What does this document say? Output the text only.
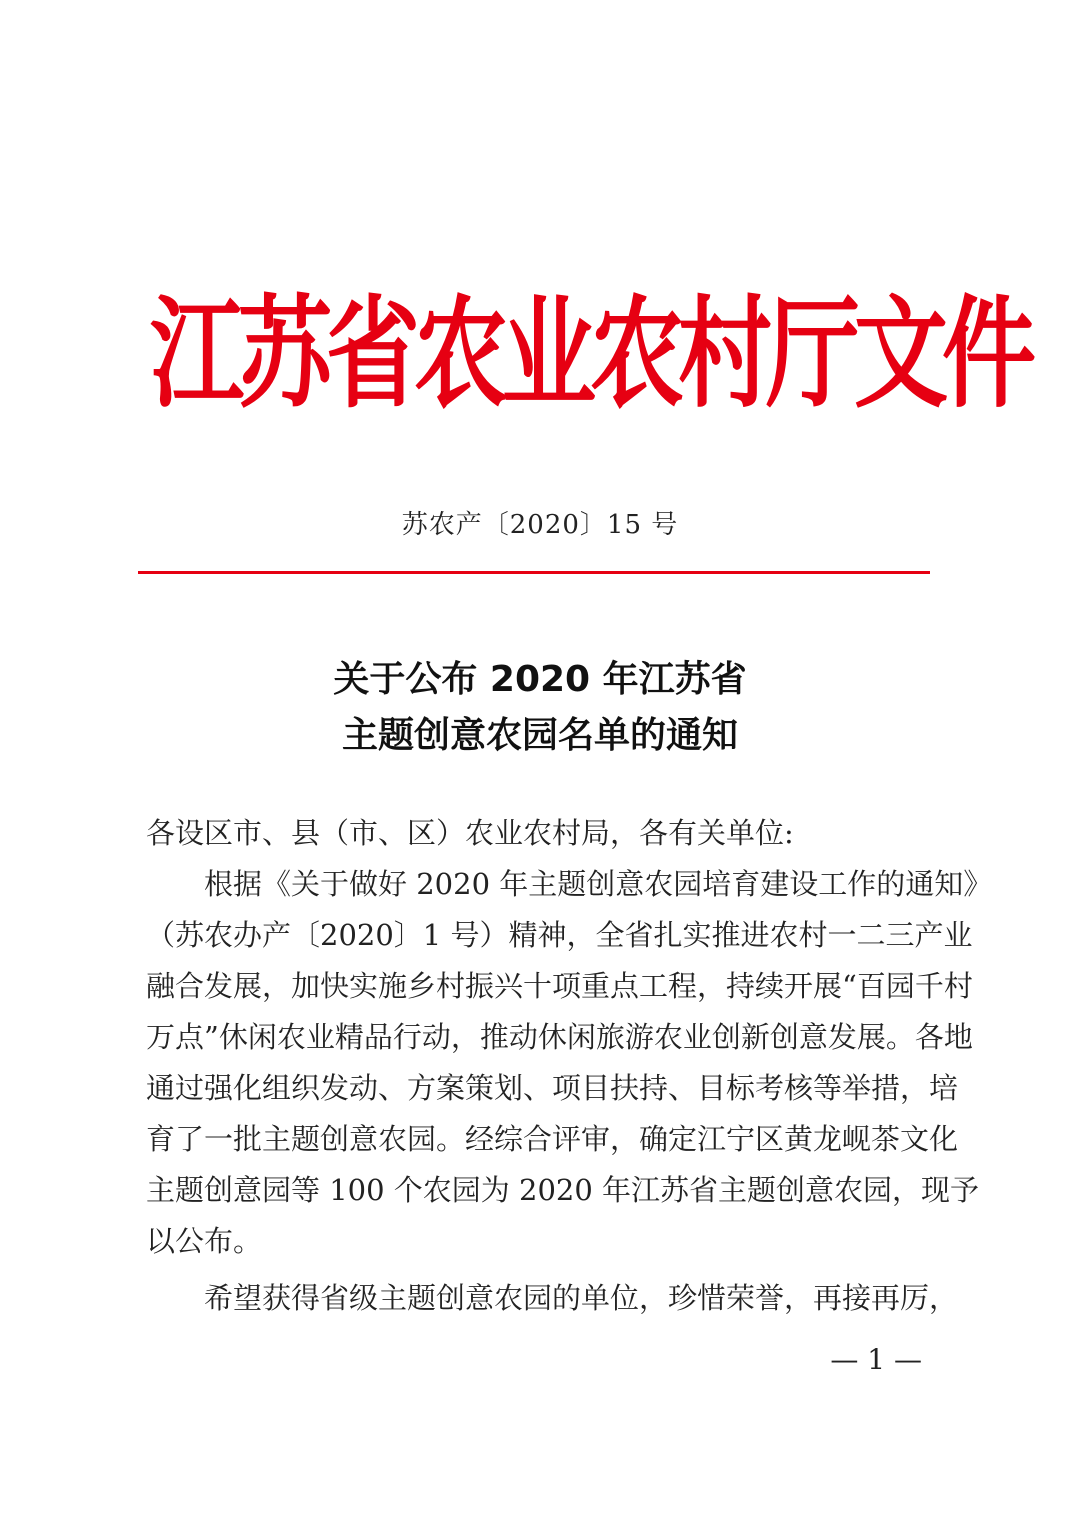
江苏省农业农村厅文件
苏农产〔2020〕15 号
关于公布 2020 年江苏省
主题创意农园名单的通知
各设区市、县（市、区）农业农村局，各有关单位:
根据《关于做好 2020 年主题创意农园培育建设工作的通知》
（苏农办产〔2020〕1 号）精神，全省扎实推进农村一二三产业
融合发展，加快实施乡村振兴十项重点工程，持续开展“百园千村
万点”休闲农业精品行动，推动休闲旅游农业创新创意发展。各地
通过强化组织发动、方案策划、项目扶持、目标考核等举措，培
育了一批主题创意农园。经综合评审，确定江宁区黄龙岘茶文化
主题创意园等 100 个农园为 2020 年江苏省主题创意农园，现予
以公布。
希望获得省级主题创意农园的单位，珍惜荣誉，再接再厉，
— 1 —
